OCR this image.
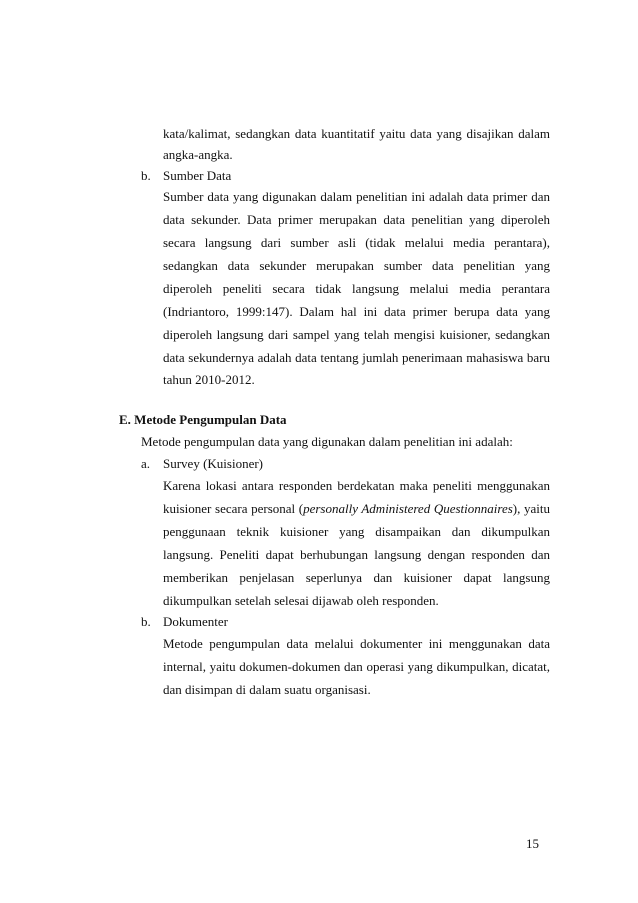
kata/kalimat, sedangkan data kuantitatif yaitu data yang disajikan dalam
angka-angka.
b. Sumber Data
Sumber data yang digunakan dalam penelitian ini adalah data primer dan
data sekunder. Data primer merupakan data penelitian yang diperoleh
secara langsung dari sumber asli (tidak melalui media perantara),
sedangkan data sekunder merupakan sumber data penelitian yang
diperoleh peneliti secara tidak langsung melalui media perantara
(Indriantoro, 1999:147). Dalam hal ini data primer berupa data yang
diperoleh langsung dari sampel yang telah mengisi kuisioner, sedangkan
data sekundernya adalah data tentang jumlah penerimaan mahasiswa baru
tahun 2010-2012.
E. Metode Pengumpulan Data
Metode pengumpulan data yang digunakan dalam penelitian ini adalah:
a. Survey (Kuisioner)
Karena lokasi antara responden berdekatan maka peneliti menggunakan
kuisioner secara personal (personally Administered Questionnaires), yaitu
penggunaan teknik kuisioner yang disampaikan dan dikumpulkan
langsung. Peneliti dapat berhubungan langsung dengan responden dan
memberikan penjelasan seperlunya dan kuisioner dapat langsung
dikumpulkan setelah selesai dijawab oleh responden.
b. Dokumenter
Metode pengumpulan data melalui dokumenter ini menggunakan data
internal, yaitu dokumen-dokumen dan operasi yang dikumpulkan, dicatat,
dan disimpan di dalam suatu organisasi.
15
